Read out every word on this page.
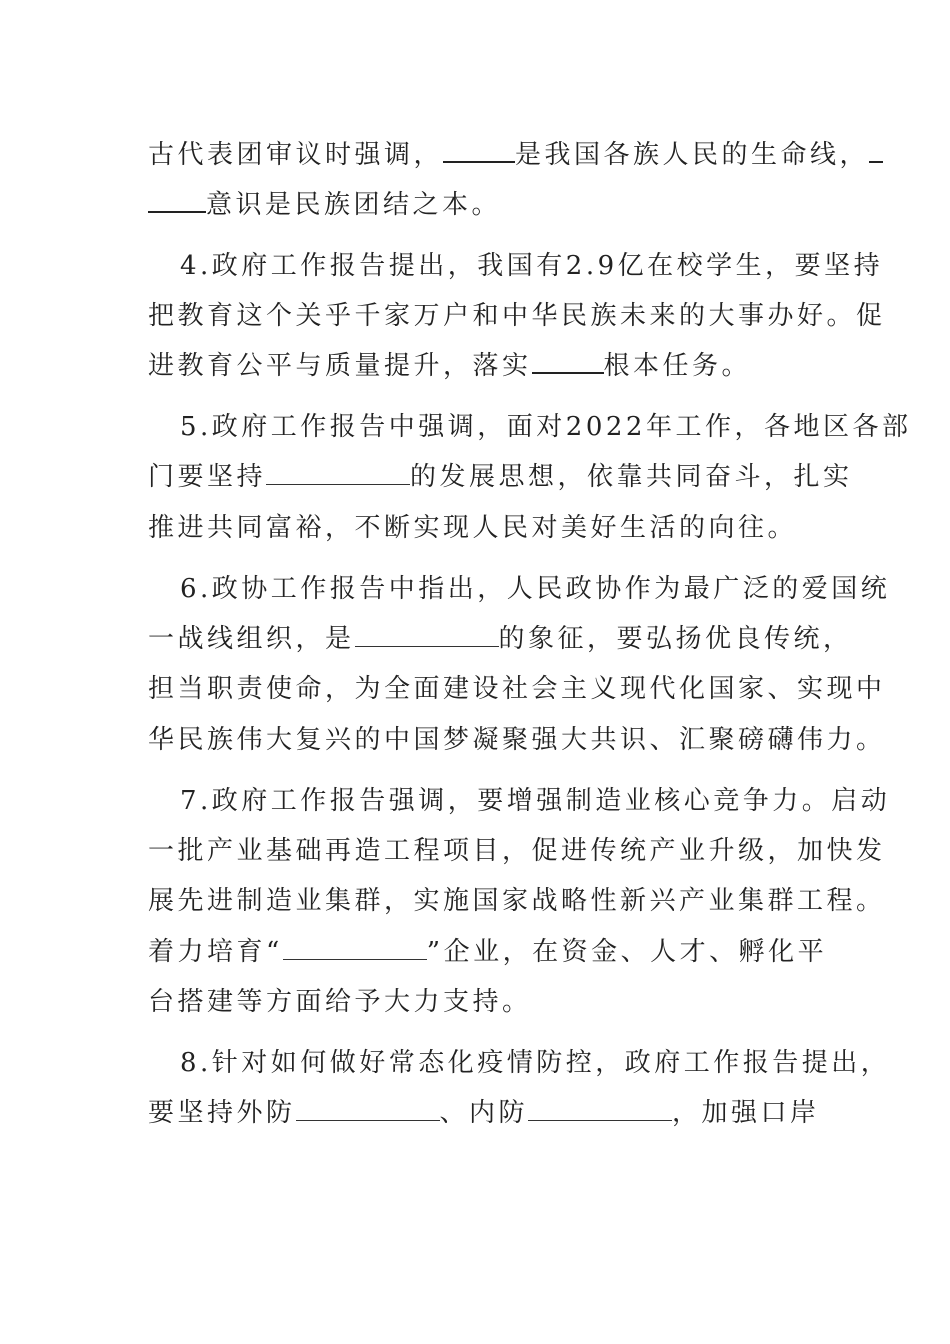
古代表团审议时强调，	是我国各族人民的生命线，
意识是民族团结之本。
4.政府工作报告提出，我国有2.9亿在校学生，要坚持
把教育这个关乎千家万户和中华民族未来的大事办好。促
进教育公平与质量提升，落实	根本任务。
5.政府工作报告中强调，面对2022年工作，各地区各部
门要坚持	的发展思想，依靠共同奋斗，扎实
推进共同富裕，不断实现人民对美好生活的向往。
6.政协工作报告中指出，人民政协作为最广泛的爱国统
一战线组织，是	的象征，要弘扬优良传统，
担当职责使命，为全面建设社会主义现代化国家、实现中
华民族伟大复兴的中国梦凝聚强大共识、汇聚磅礴伟力。
7.政府工作报告强调，要增强制造业核心竞争力。启动
一批产业基础再造工程项目，促进传统产业升级，加快发
展先进制造业集群，实施国家战略性新兴产业集群工程。
着力培育“	”企业，在资金、人才、孵化平
台搭建等方面给予大力支持。
8.针对如何做好常态化疫情防控，政府工作报告提出，
要坚持外防	、内防	，加强口岸
